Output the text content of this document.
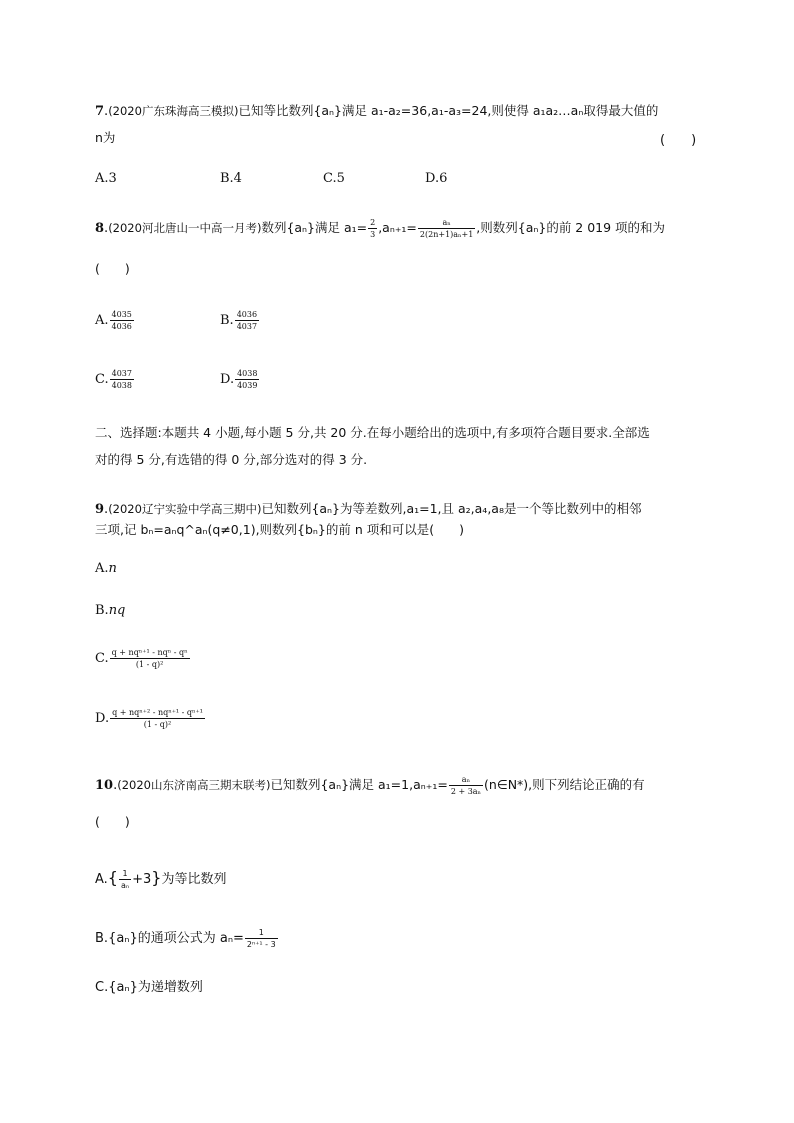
7.(2020广东珠海高三模拟)已知等比数列{aₙ}满足 a₁-a₂=36,a₁-a₃=24,则使得 a₁a₂…aₙ取得最大值的
n为	(　　)
A.3	B.4	C.5	D.6
8.(2020河北唐山一中高一月考)数列{aₙ}满足 $a_1= \frac{2}{3} ,a_{n+1}= \frac{\text{aₙ}}{\text{2(2n+1)aₙ+1}}$ ,则数列{aₙ}的前 2 019 项的和为
(　　)
A. $\frac{4035}{4036}$	B. $\frac{4036}{4037}$
C. $\frac{4037}{4038}$	D. $\frac{4038}{4039}$
二、选择题:本题共 4 小题,每小题 5 分,共 20 分.在每小题给出的选项中,有多项符合题目要求.全部选
对的得 5 分,有选错的得 0 分,部分选对的得 3 分.
9.(2020辽宁实验中学高三期中)已知数列{aₙ}为等差数列,a₁=1,且 a₂,a₄,a₈是一个等比数列中的相邻
三项,记 bₙ=aₙq^aₙ(q≠0,1),则数列{bₙ}的前 n 项和可以是(　　)
A.n
B.nq
C. $\frac{\text{q + nqⁿ⁺¹ - nqⁿ - qⁿ}}{\text{(1 - q)²}}$
D. $\frac{\text{q + nqⁿ⁺² - nqⁿ⁺¹ - qⁿ⁺¹}}{\text{(1 - q)²}}$
10.(2020山东济南高三期末联考)已知数列{aₙ}满足 $a_1=1,a_{n+1}= \frac{\text{aₙ}}{\text{2 + 3aₙ}}$ (n∈N*),则下列结论正确的有
(　　)
$A.\{ \frac{1}{\text{aₙ}} +3\}$为等比数列
B.{aₙ}的通项公式为 $a_n= \frac{1}{\text{2ⁿ⁺¹ - 3}}$
C.{aₙ}为递增数列
